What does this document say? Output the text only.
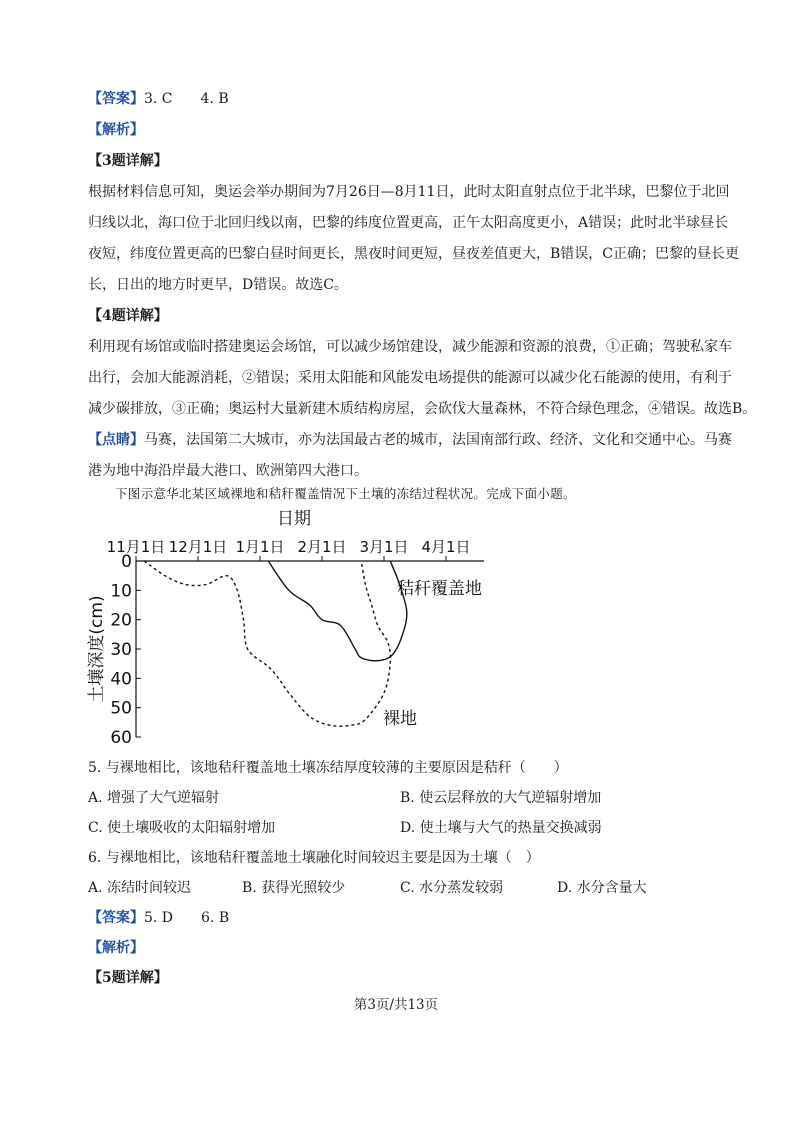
【答案】3. C  4. B
【解析】
【3题详解】
根据材料信息可知，奥运会举办期间为7月26日—8月11日，此时太阳直射点位于北半球，巴黎位于北回
归线以北，海口位于北回归线以南，巴黎的纬度位置更高，正午太阳高度更小，A错误；此时北半球昼长
夜短，纬度位置更高的巴黎白昼时间更长，黑夜时间更短，昼夜差值更大，B错误，C正确；巴黎的昼长更
长，日出的地方时更早，D错误。故选C。
【4题详解】
利用现有场馆或临时搭建奥运会场馆，可以减少场馆建设，减少能源和资源的浪费，①正确；驾驶私家车
出行，会加大能源消耗，②错误；采用太阳能和风能发电场提供的能源可以减少化石能源的使用，有利于
减少碳排放，③正确；奥运村大量新建木质结构房屋，会砍伐大量森林，不符合绿色理念，④错误。故选B。
【点睛】马赛，法国第二大城市，亦为法国最古老的城市，法国南部行政、经济、文化和交通中心。马赛
港为地中海沿岸最大港口、欧洲第四大港口。
下图示意华北某区域裸地和秸秆覆盖情况下土壤的冻结过程状况。完成下面小题。
日期
11月1日 12月1日 1月1日 2月1日 3月1日 4月1日
0
10
20
30
40
50
60
土壤深度(cm)
秸秆覆盖地
裸地
5. 与裸地相比，该地秸秆覆盖地土壤冻结厚度较薄的主要原因是秸秆（　　）
A. 增强了大气逆辐射	B. 使云层释放的大气逆辐射增加
C. 使土壤吸收的太阳辐射增加	D. 使土壤与大气的热量交换减弱
6. 与裸地相比，该地秸秆覆盖地土壤融化时间较迟主要是因为土壤（　）
A. 冻结时间较迟	B. 获得光照较少	C. 水分蒸发较弱	D. 水分含量大
【答案】5. D  6. B
【解析】
【5题详解】
第3页/共13页
